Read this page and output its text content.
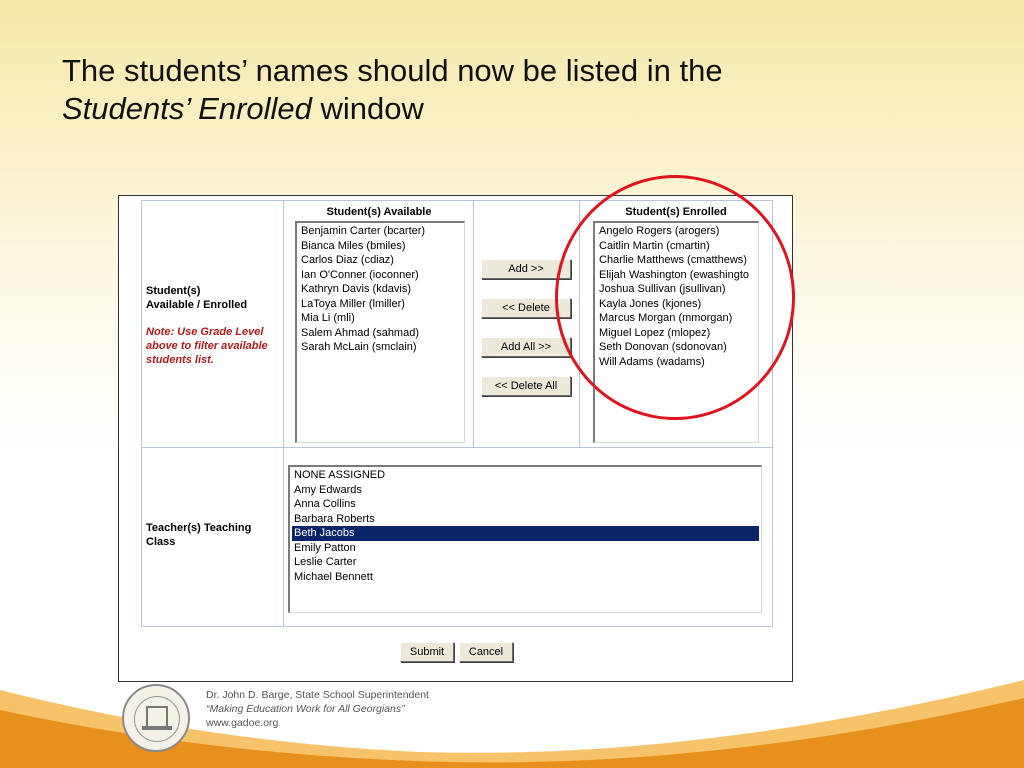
The students’ names should now be listed in the
Students’ Enrolled window
Student(s)
Available / Enrolled
Note: Use Grade Level above to filter available students list.
Student(s) Available
Benjamin Carter (bcarter)
Bianca Miles (bmiles)
Carlos Diaz (cdiaz)
Ian O'Conner (ioconner)
Kathryn Davis (kdavis)
LaToya Miller (lmiller)
Mia Li (mli)
Salem Ahmad (sahmad)
Sarah McLain (smclain)
Add >>
<< Delete
Add All >>
<< Delete All
Student(s) Enrolled
Angelo Rogers (arogers)
Caitlin Martin (cmartin)
Charlie Matthews (cmatthews)
Elijah Washington (ewashingto
Joshua Sullivan (jsullivan)
Kayla Jones (kjones)
Marcus Morgan (mmorgan)
Miguel Lopez (mlopez)
Seth Donovan (sdonovan)
Will Adams (wadams)
Teacher(s) Teaching
Class
NONE ASSIGNED
Amy Edwards
Anna Collins
Barbara Roberts
Beth Jacobs
Emily Patton
Leslie Carter
Michael Bennett
Submit	Cancel
Dr. John D. Barge, State School Superintendent
“Making Education Work for All Georgians”
www.gadoe.org
